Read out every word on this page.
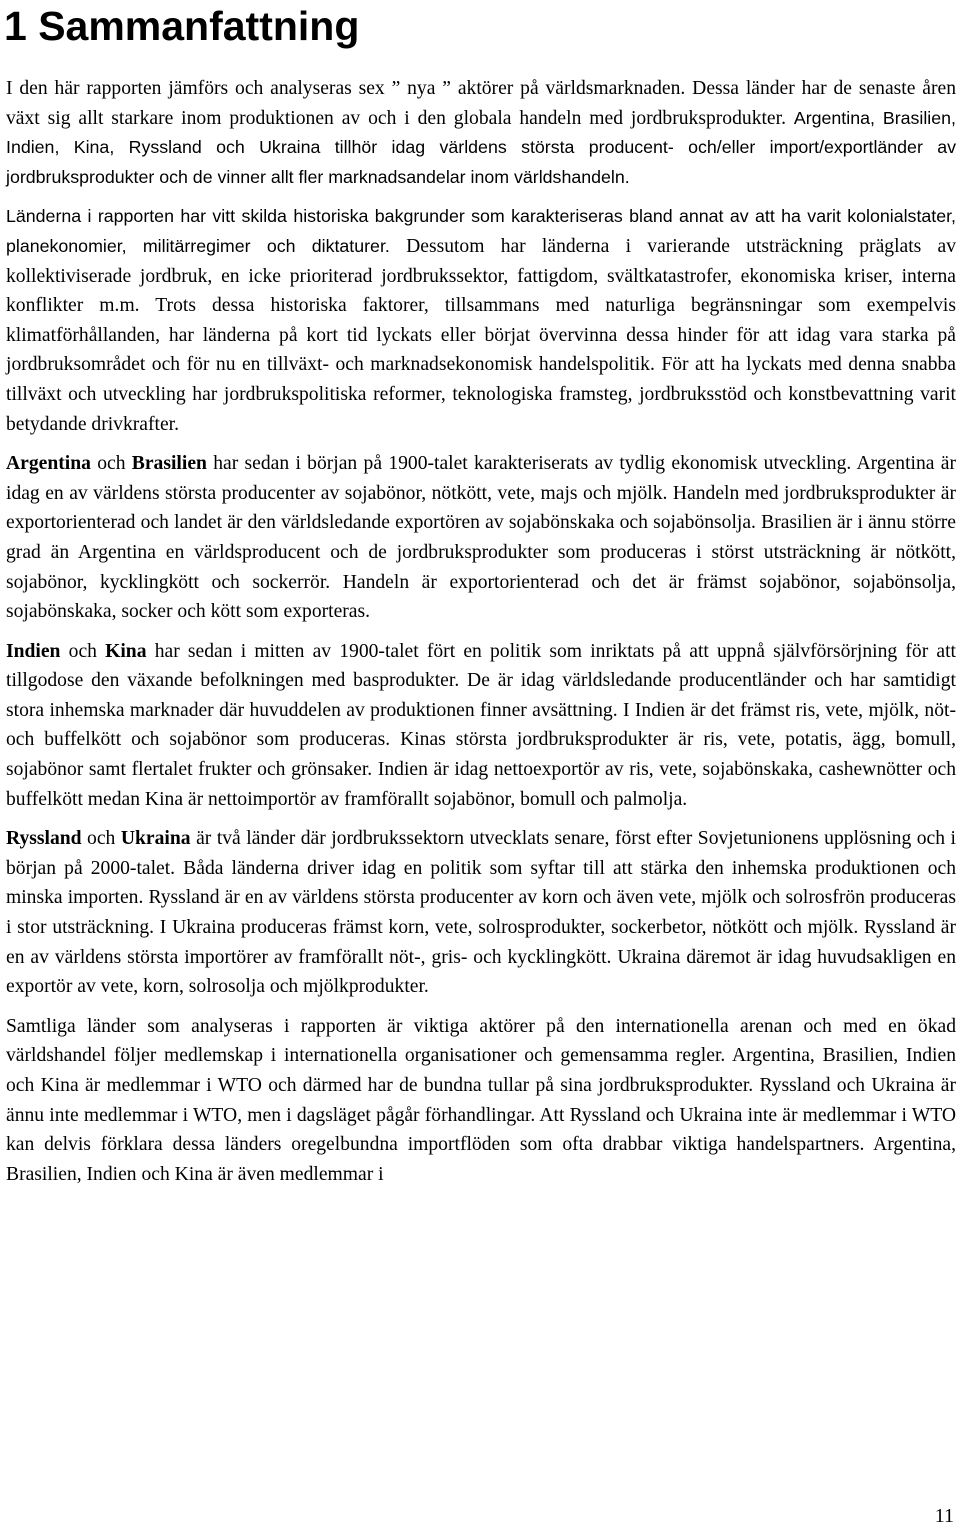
1 Sammanfattning

I den här rapporten jämförs och analyseras sex ” nya ” aktörer på världsmarknaden. Dessa länder har de senaste åren växt sig allt starkare inom produktionen av och i den globala handeln med jordbruksprodukter. Argentina, Brasilien, Indien, Kina, Ryssland och Ukraina tillhör idag världens största producent- och/eller import/exportländer av jordbruksprodukter och de vinner allt fler marknadsandelar inom världshandeln.

Länderna i rapporten har vitt skilda historiska bakgrunder som karakteriseras bland annat av att ha varit kolonialstater, planekonomier, militärregimer och diktaturer. Dessutom har länderna i varierande utsträckning präglats av kollektiviserade jordbruk, en icke prioriterad jordbrukssektor, fattigdom, svältkatastrofer, ekonomiska kriser, interna konflikter m.m. Trots dessa historiska faktorer, tillsammans med naturliga begränsningar som exempelvis klimatförhållanden, har länderna på kort tid lyckats eller börjat övervinna dessa hinder för att idag vara starka på jordbruksområdet och för nu en tillväxt- och marknadsekonomisk handelspolitik. För att ha lyckats med denna snabba tillväxt och utveckling har jordbrukspolitiska reformer, teknologiska framsteg, jordbruksstöd och konstbevattning varit betydande drivkrafter.

Argentina och Brasilien har sedan i början på 1900-talet karakteriserats av tydlig ekonomisk utveckling. Argentina är idag en av världens största producenter av sojabönor, nötkött, vete, majs och mjölk. Handeln med jordbruksprodukter är exportorienterad och landet är den världsledande exportören av sojabönskaka och sojabönsolja. Brasilien är i ännu större grad än Argentina en världsproducent och de jordbruksprodukter som produceras i störst utsträckning är nötkött, sojabönor, kycklingkött och sockerrör. Handeln är exportorienterad och det är främst sojabönor, sojabönsolja, sojabönskaka, socker och kött som exporteras.

Indien och Kina har sedan i mitten av 1900-talet fört en politik som inriktats på att uppnå självförsörjning för att tillgodose den växande befolkningen med basprodukter. De är idag världsledande producentländer och har samtidigt stora inhemska marknader där huvuddelen av produktionen finner avsättning. I Indien är det främst ris, vete, mjölk, nöt- och buffelkött och sojabönor som produceras. Kinas största jordbruksprodukter är ris, vete, potatis, ägg, bomull, sojabönor samt flertalet frukter och grönsaker. Indien är idag nettoexportör av ris, vete, sojabönskaka, cashewnötter och buffelkött medan Kina är nettoimportör av framförallt sojabönor, bomull och palmolja.

Ryssland och Ukraina är två länder där jordbrukssektorn utvecklats senare, först efter Sovjetunionens upplösning och i början på 2000-talet. Båda länderna driver idag en politik som syftar till att stärka den inhemska produktionen och minska importen. Ryssland är en av världens största producenter av korn och även vete, mjölk och solrosfrön produceras i stor utsträckning. I Ukraina produceras främst korn, vete, solrosprodukter, sockerbetor, nötkött och mjölk. Ryssland är en av världens största importörer av framförallt nöt-, gris- och kycklingkött. Ukraina däremot är idag huvudsakligen en exportör av vete, korn, solrosolja och mjölkprodukter.

Samtliga länder som analyseras i rapporten är viktiga aktörer på den internationella arenan och med en ökad världshandel följer medlemskap i internationella organisationer och gemensamma regler. Argentina, Brasilien, Indien och Kina är medlemmar i WTO och därmed har de bundna tullar på sina jordbruksprodukter. Ryssland och Ukraina är ännu inte medlemmar i WTO, men i dagsläget pågår förhandlingar. Att Ryssland och Ukraina inte är medlemmar i WTO kan delvis förklara dessa länders oregelbundna importflöden som ofta drabbar viktiga handelspartners. Argentina, Brasilien, Indien och Kina är även medlemmar i

11
